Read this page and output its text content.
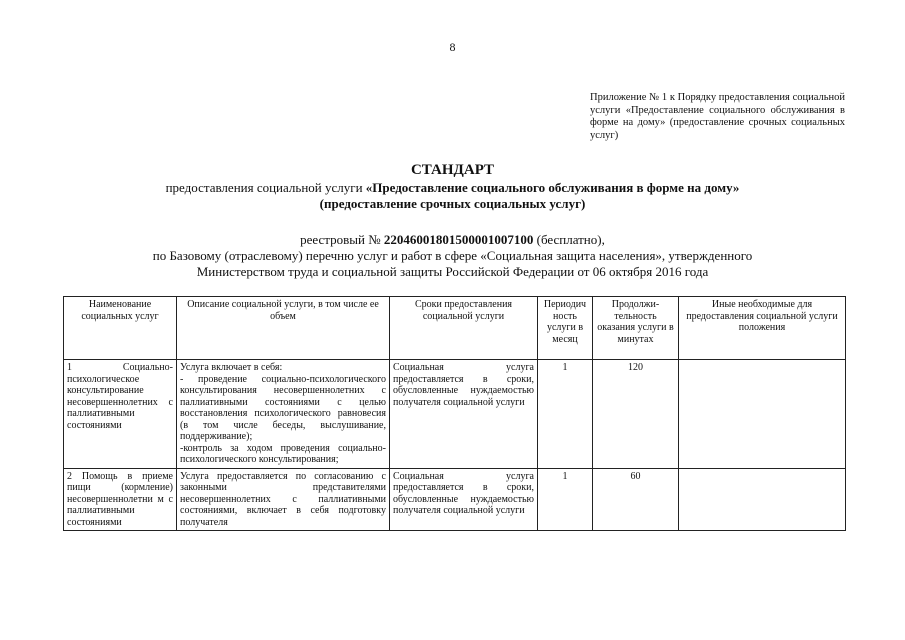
8
Приложение № 1 к Порядку предоставления социальной услуги «Предоставление социального обслуживания в форме на дому» (предоставление срочных социальных услуг)
СТАНДАРТ
предоставления социальной услуги «Предоставление социального обслуживания в форме на дому»
(предоставление срочных социальных услуг)
реестровый № 22046001801500001007100 (бесплатно),
по Базовому (отраслевому) перечню услуг и работ в сфере «Социальная защита населения», утвержденного
Министерством труда и социальной защиты Российской Федерации от 06 октября 2016 года
Наименование социальных услуг	Описание социальной услуги, в том числе ее объем	Сроки предоставления социальной услуги	Периодич ность услуги в месяц	Продолжи-тельность оказания услуги в минутах	Иные необходимые для предоставления социальной услуги положения
1 Социально-психологическое консультирование несовершеннолетних с паллиативными состояниями	Услуга включает в себя:
- проведение социально-психологического консультирования несовершеннолетних с паллиативными состояниями с целью восстановления психологического равновесия (в том числе беседы, выслушивание, поддерживание);
-контроль за ходом проведения социально-психологического консультирования;	Социальная услуга предоставляется в сроки, обусловленные нуждаемостью получателя социальной услуги	1	120	
2 Помощь в приеме пищи (кормление) несовершеннолетни м с паллиативными состояниями	Услуга предоставляется по согласованию с законными представителями несовершеннолетних с паллиативными состояниями, включает в себя подготовку получателя	Социальная услуга предоставляется в сроки, обусловленные нуждаемостью получателя социальной услуги	1	60	
